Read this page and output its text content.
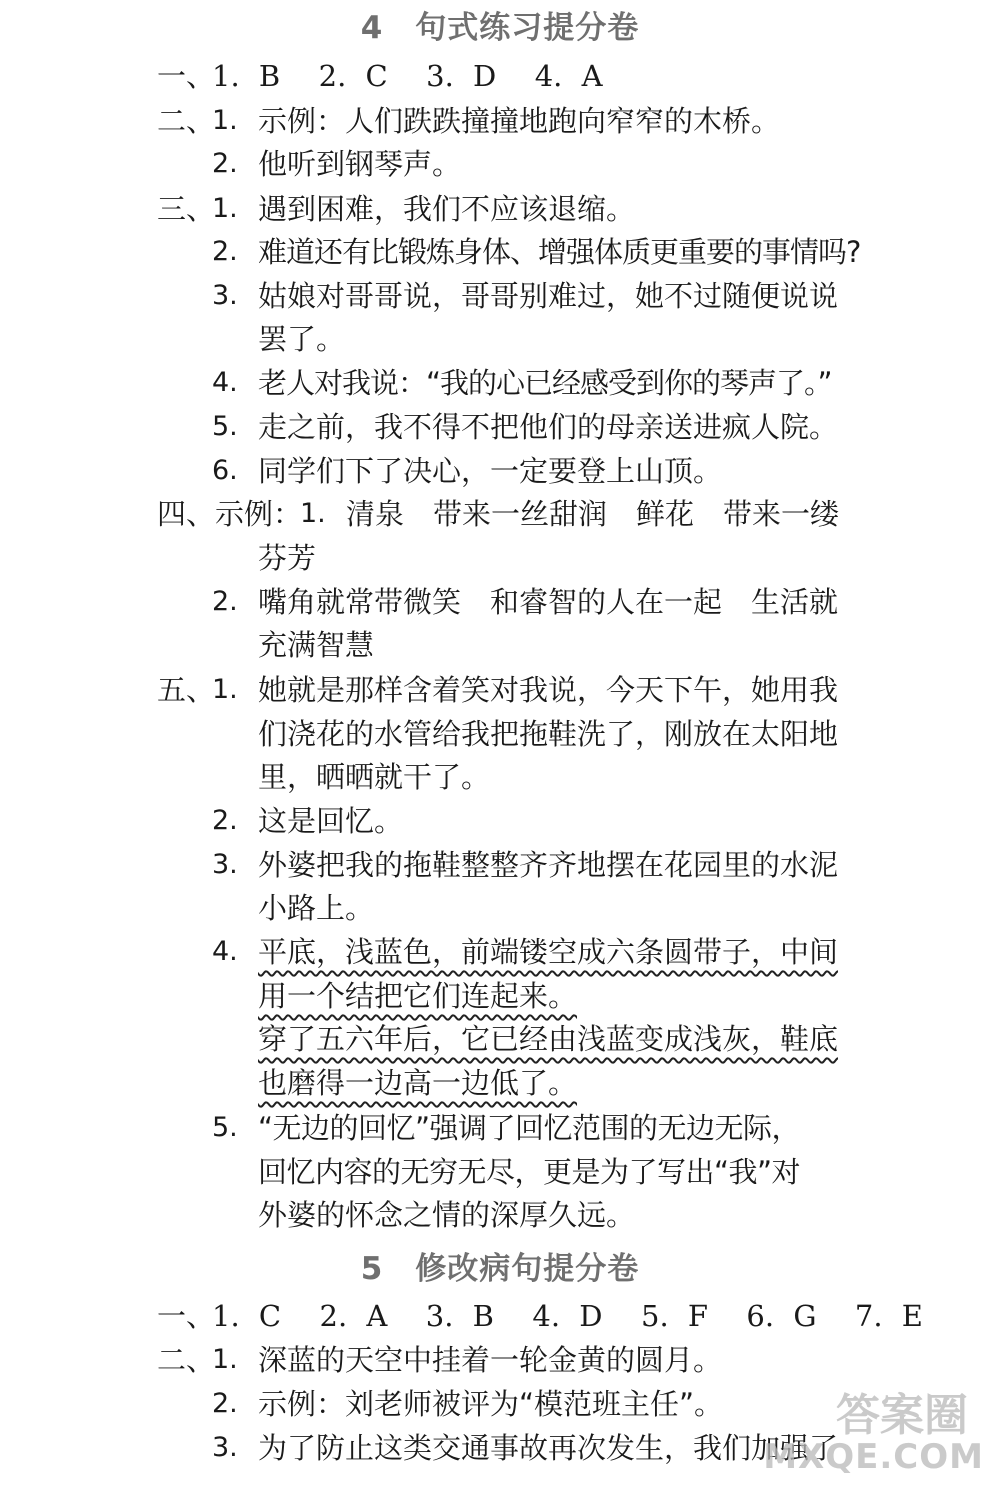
4 句式练习提分卷
一、
1. B  2. C  3. D  4. A
二、
1. 示例：人们跌跌撞撞地跑向窄窄的木桥。
2. 他听到钢琴声。
三、
1. 遇到困难，我们不应该退缩。
2. 难道还有比锻炼身体、增强体质更重要的事情吗?
3. 姑娘对哥哥说，哥哥别难过，她不过随便说说
罢了。
4. 老人对我说：“我的心已经感受到你的琴声了。”
5. 走之前，我不得不把他们的母亲送进疯人院。
6. 同学们下了决心，一定要登上山顶。
四、示例：
1. 清泉　带来一丝甜润　鲜花　带来一缕
芬芳
2. 嘴角就常带微笑　和睿智的人在一起　生活就
充满智慧
五、
1. 她就是那样含着笑对我说，今天下午，她用我
们浇花的水管给我把拖鞋洗了，刚放在太阳地
里，晒晒就干了。
2. 这是回忆。
3. 外婆把我的拖鞋整整齐齐地摆在花园里的水泥
小路上。
4. 平底，浅蓝色，前端镂空成六条圆带子，中间
用一个结把它们连起来。
穿了五六年后，它已经由浅蓝变成浅灰，鞋底
也磨得一边高一边低了。
5. “无边的回忆”强调了回忆范围的无边无际，
回忆内容的无穷无尽，更是为了写出“我”对
外婆的怀念之情的深厚久远。
5 修改病句提分卷
一、
1. C  2. A  3. B  4. D  5. F  6. G  7. E
二、
1. 深蓝的天空中挂着一轮金黄的圆月。
2. 示例：刘老师被评为“模范班主任”。
3. 为了防止这类交通事故再次发生，我们加强了
答案圈
MXQE.COM
